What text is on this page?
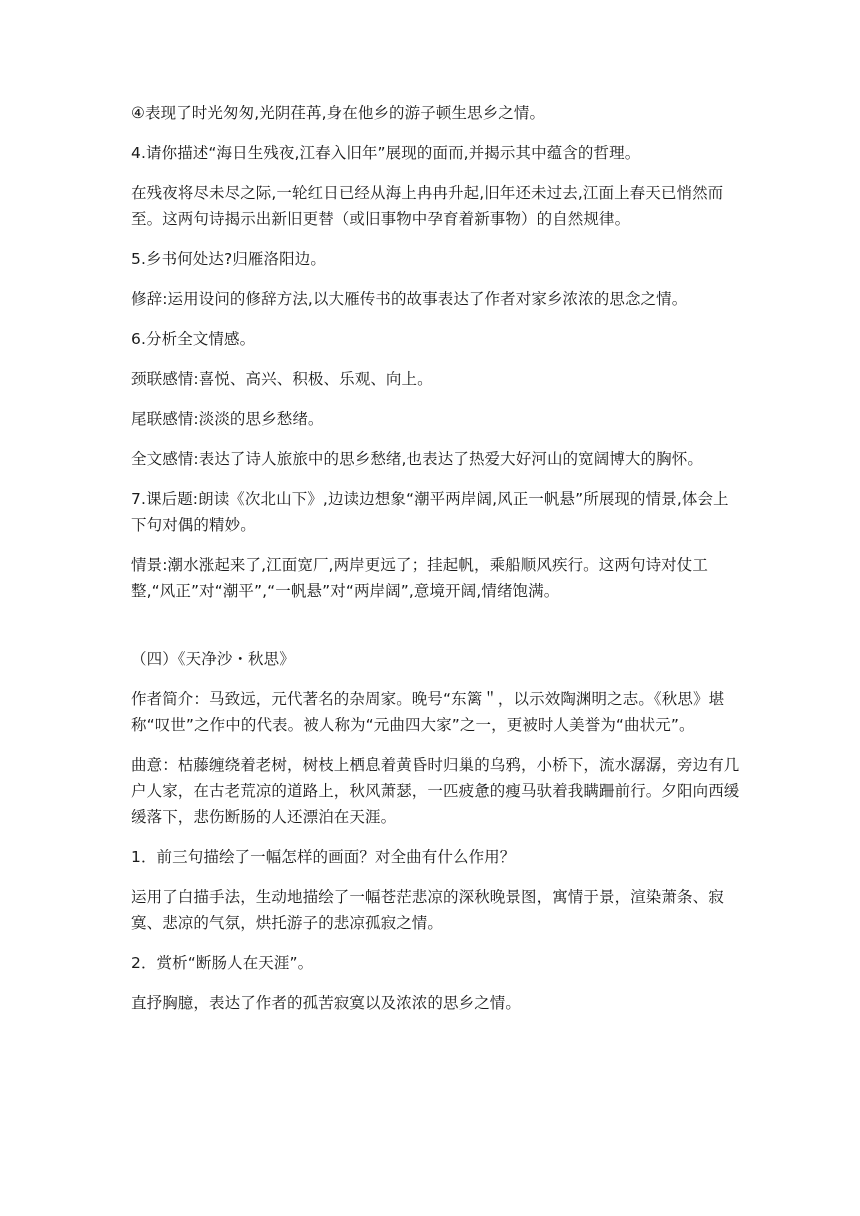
④表现了时光匆匆,光阴荏苒,身在他乡的游子顿生思乡之情。

4.请你描述“海日生残夜,江春入旧年”展现的面而,并揭示其中蕴含的哲理。

在残夜将尽未尽之际,一轮红日已经从海上冉冉升起,旧年还未过去,江面上春天已悄然而至。这两句诗揭示出新旧更替（或旧事物中孕育着新事物）的自然规律。

5.乡书何处达?归雁洛阳边。

修辞:运用设问的修辞方法,以大雁传书的故事表达了作者对家乡浓浓的思念之情。

6.分析全文情感。

颈联感情:喜悦、高兴、积极、乐观、向上。

尾联感情:淡淡的思乡愁绪。

全文感情:表达了诗人旅旅中的思乡愁绪,也表达了热爱大好河山的宽阔博大的胸怀。

7.课后题:朗读《次北山下》,边读边想象“潮平两岸阔,风正一帆悬”所展现的情景,体会上下句对偶的精妙。

情景:潮水涨起来了,江面宽厂,两岸更远了；挂起帆，乘船顺风疾行。这两句诗对仗工整,“风正”对“潮平”,“一帆悬”对“两岸阔”,意境开阔,情绪饱满。

（四）《天净沙・秋思》

作者简介：马致远，元代著名的杂周家。晚号“东篱＂，以示效陶渊明之志。《秋思》堪称“叹世”之作中的代表。被人称为“元曲四大家”之一，更被时人美誉为“曲状元”。

曲意：枯藤缠绕着老树，树枝上栖息着黄昏时归巢的乌鸦，小桥下，流水潺潺，旁边有几户人家，在古老荒凉的道路上，秋风萧瑟，一匹疲惫的瘦马驮着我瞒跚前行。夕阳向西缓缓落下，悲伤断肠的人还漂泊在天涯。

1．前三句描绘了一幅怎样的画面？对全曲有什么作用？

运用了白描手法，生动地描绘了一幅苍茫悲凉的深秋晚景图，寓情于景，渲染萧条、寂寞、悲凉的气氛，烘托游子的悲凉孤寂之情。

2．赏析“断肠人在天涯”。

直抒胸臆，表达了作者的孤苦寂寞以及浓浓的思乡之情。
